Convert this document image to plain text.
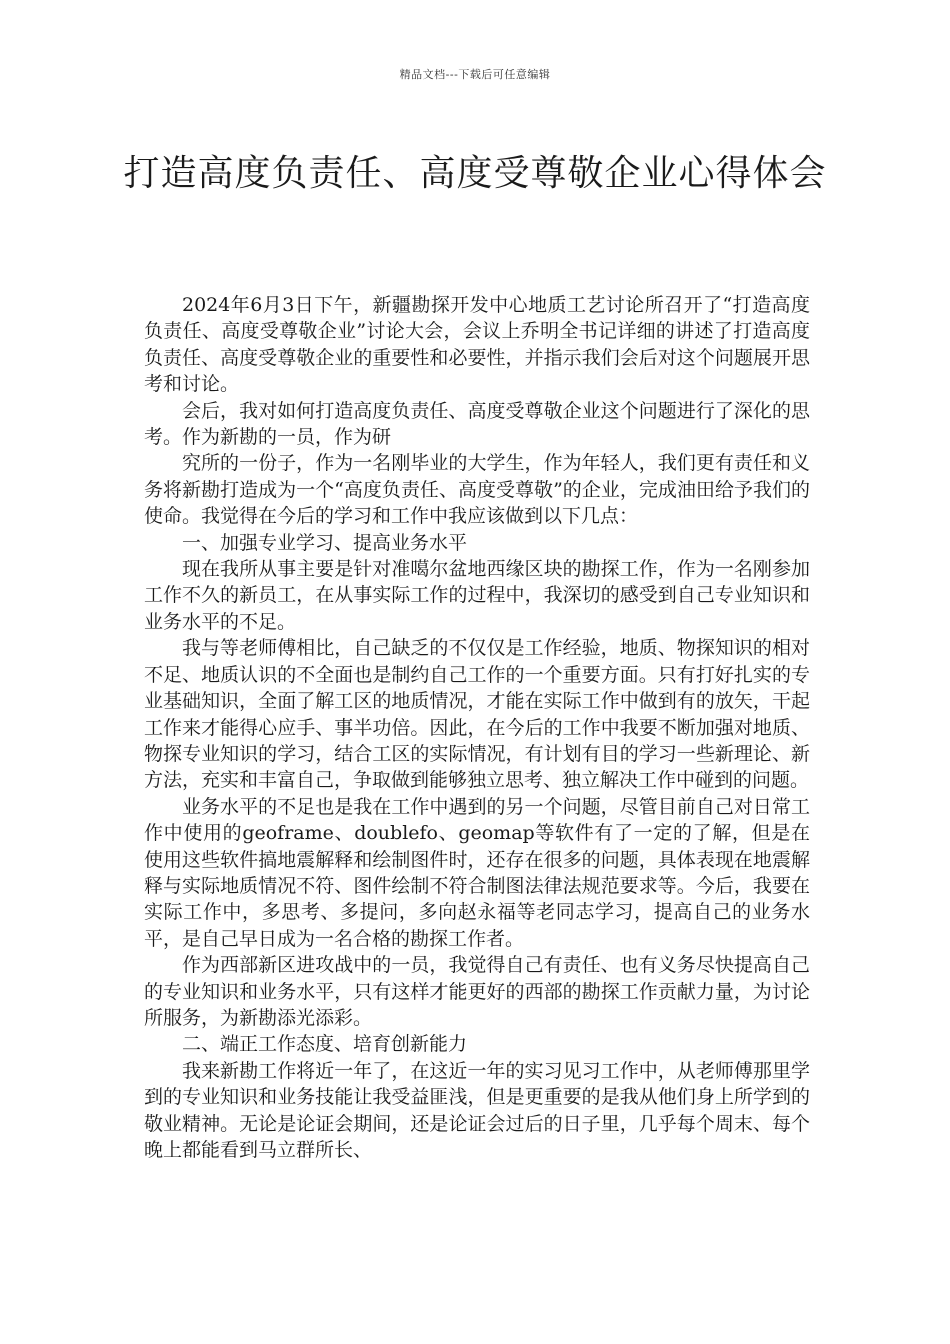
精品文档---下载后可任意编辑
打造高度负责任、高度受尊敬企业心得体会

2024年6月3日下午，新疆勘探开发中心地质工艺讨论所召开了“打造高度负责任、高度受尊敬企业”讨论大会，会议上乔明全书记详细的讲述了打造高度负责任、高度受尊敬企业的重要性和必要性，并指示我们会后对这个问题展开思考和讨论。

会后，我对如何打造高度负责任、高度受尊敬企业这个问题进行了深化的思考。作为新勘的一员，作为研

究所的一份子，作为一名刚毕业的大学生，作为年轻人，我们更有责任和义务将新勘打造成为一个“高度负责任、高度受尊敬”的企业，完成油田给予我们的使命。我觉得在今后的学习和工作中我应该做到以下几点：

一、加强专业学习、提高业务水平

现在我所从事主要是针对准噶尔盆地西缘区块的勘探工作，作为一名刚参加工作不久的新员工，在从事实际工作的过程中，我深切的感受到自己专业知识和业务水平的不足。

我与等老师傅相比，自己缺乏的不仅仅是工作经验，地质、物探知识的相对不足、地质认识的不全面也是制约自己工作的一个重要方面。只有打好扎实的专业基础知识，全面了解工区的地质情况，才能在实际工作中做到有的放矢，干起工作来才能得心应手、事半功倍。因此，在今后的工作中我要不断加强对地质、物探专业知识的学习，结合工区的实际情况，有计划有目的学习一些新理论、新方法，充实和丰富自己，争取做到能够独立思考、独立解决工作中碰到的问题。

业务水平的不足也是我在工作中遇到的另一个问题，尽管目前自己对日常工作中使用的geoframe、doublefo、geomap等软件有了一定的了解，但是在使用这些软件搞地震解释和绘制图件时，还存在很多的问题，具体表现在地震解释与实际地质情况不符、图件绘制不符合制图法律法规范要求等。今后，我要在实际工作中，多思考、多提问，多向赵永福等老同志学习，提高自己的业务水平，是自己早日成为一名合格的勘探工作者。

作为西部新区进攻战中的一员，我觉得自己有责任、也有义务尽快提高自己的专业知识和业务水平，只有这样才能更好的西部的勘探工作贡献力量，为讨论所服务，为新勘添光添彩。

二、端正工作态度、培育创新能力

我来新勘工作将近一年了，在这近一年的实习见习工作中，从老师傅那里学到的专业知识和业务技能让我受益匪浅，但是更重要的是我从他们身上所学到的敬业精神。无论是论证会期间，还是论证会过后的日子里，几乎每个周末、每个晚上都能看到马立群所长、
